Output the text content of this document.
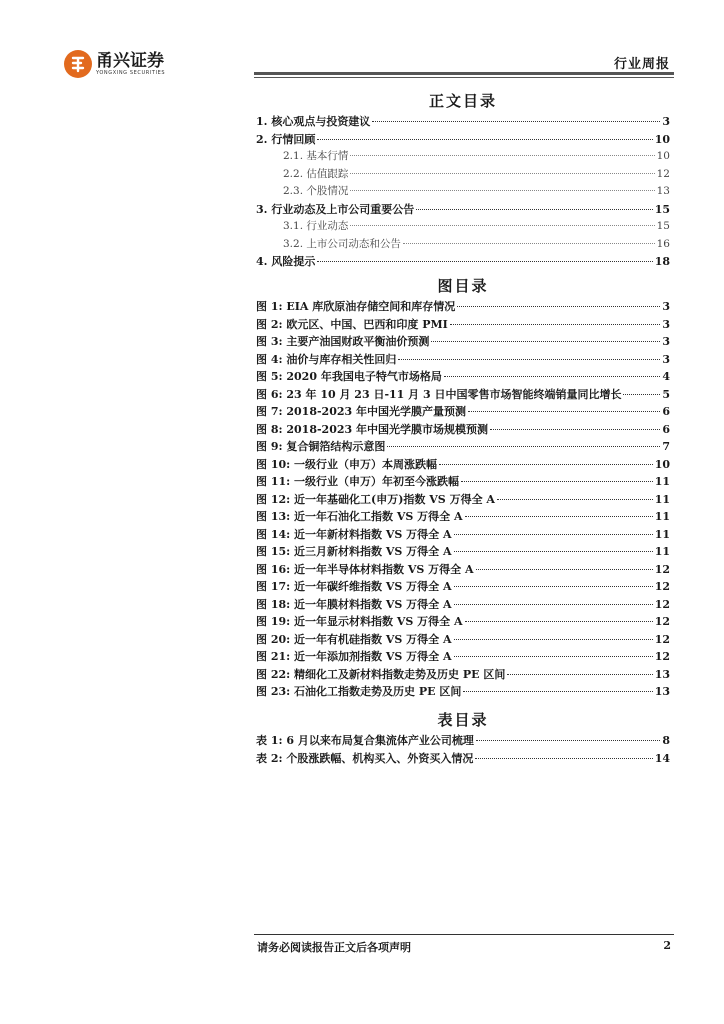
甬兴证券
YONGXING SECURITIES
行业周报
正文目录
1. 核心观点与投资建议	3
2. 行情回顾	10
2.1. 基本行情	10
2.2. 估值跟踪	12
2.3. 个股情况	13
3. 行业动态及上市公司重要公告	15
3.1. 行业动态	15
3.2. 上市公司动态和公告	16
4. 风险提示	18
图目录
图 1: EIA 库欣原油存储空间和库存情况	3
图 2: 欧元区、中国、巴西和印度 PMI	3
图 3: 主要产油国财政平衡油价预测	3
图 4: 油价与库存相关性回归	3
图 5: 2020 年我国电子特气市场格局	4
图 6: 23 年 10 月 23 日-11 月 3 日中国零售市场智能终端销量同比增长	5
图 7: 2018-2023 年中国光学膜产量预测	6
图 8: 2018-2023 年中国光学膜市场规模预测	6
图 9: 复合铜箔结构示意图	7
图 10: 一级行业（申万）本周涨跌幅	10
图 11: 一级行业（申万）年初至今涨跌幅	11
图 12: 近一年基础化工(申万)指数 VS 万得全 A	11
图 13: 近一年石油化工指数 VS 万得全 A	11
图 14: 近一年新材料指数 VS 万得全 A	11
图 15: 近三月新材料指数 VS 万得全 A	11
图 16: 近一年半导体材料指数 VS 万得全 A	12
图 17: 近一年碳纤维指数 VS 万得全 A	12
图 18: 近一年膜材料指数 VS 万得全 A	12
图 19: 近一年显示材料指数 VS 万得全 A	12
图 20: 近一年有机硅指数 VS 万得全 A	12
图 21: 近一年添加剂指数 VS 万得全 A	12
图 22: 精细化工及新材料指数走势及历史 PE 区间	13
图 23: 石油化工指数走势及历史 PE 区间	13
表目录
表 1: 6 月以来布局复合集流体产业公司梳理	8
表 2: 个股涨跌幅、机构买入、外资买入情况	14
请务必阅读报告正文后各项声明	2
